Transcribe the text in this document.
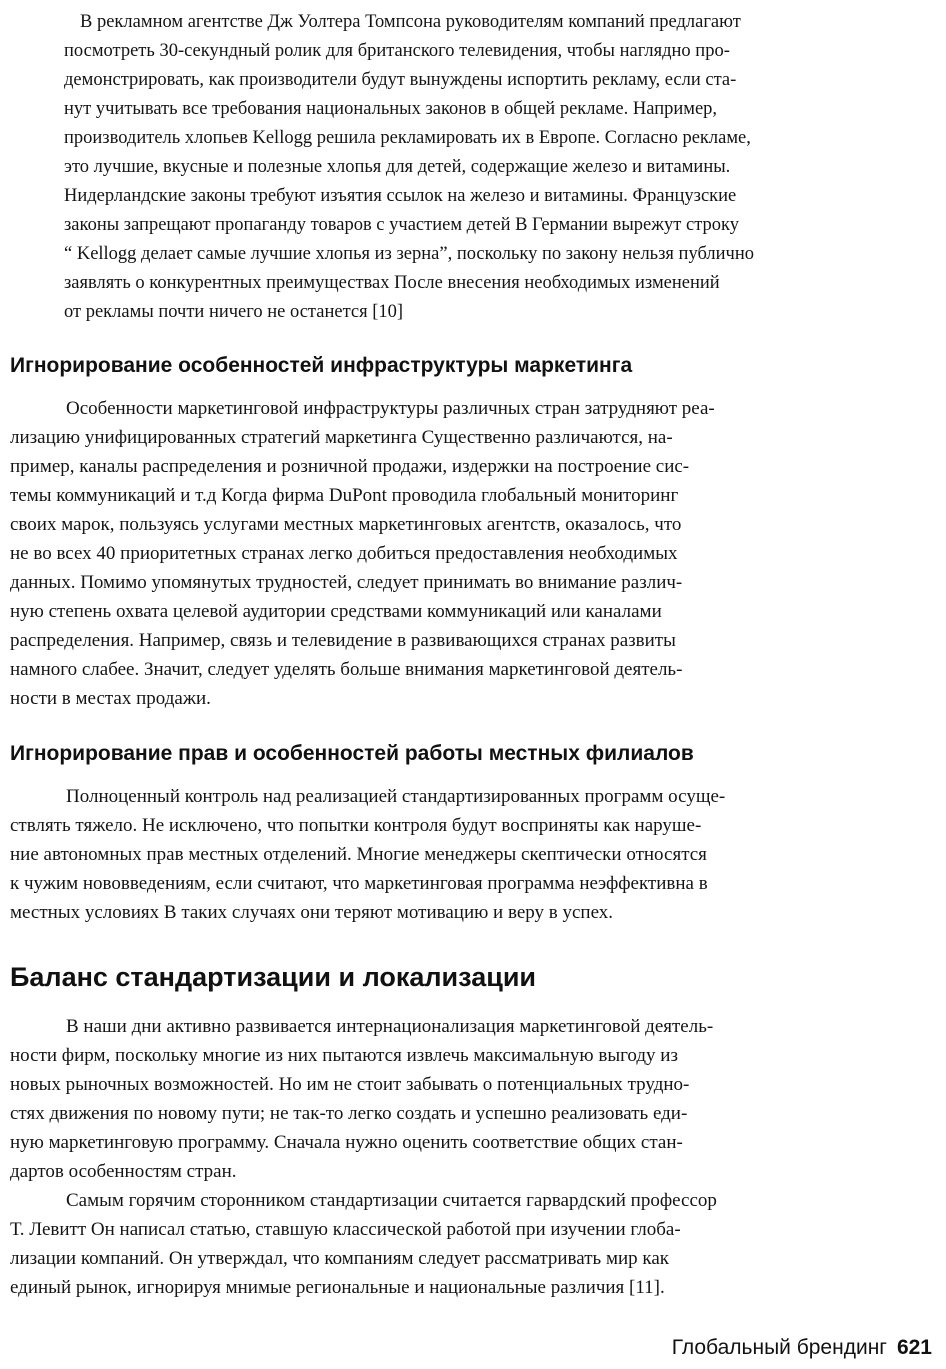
В рекламном агентстве Дж Уолтера Томпсона руководителям компаний предлагают
посмотреть 30-секундный ролик для британского телевидения, чтобы наглядно про-
демонстрировать, как производители будут вынуждены испортить рекламу, если ста-
нут учитывать все требования национальных законов в общей рекламе. Например,
производитель хлопьев Kellogg решила рекламировать их в Европе. Согласно рекламе,
это лучшие, вкусные и полезные хлопья для детей, содержащие железо и витамины.
Нидерландские законы требуют изъятия ссылок на железо и витамины. Французские
законы запрещают пропаганду товаров с участием детей В Германии вырежут строку
“ Kellogg делает самые лучшие хлопья из зерна”, поскольку по закону нельзя публично
заявлять о конкурентных преимуществах После внесения необходимых изменений
от рекламы почти ничего не останется [10]
Игнорирование особенностей инфраструктуры маркетинга
Особенности маркетинговой инфраструктуры различных стран затрудняют реа-
лизацию унифицированных стратегий маркетинга Существенно различаются, на-
пример, каналы распределения и розничной продажи, издержки на построение сис-
темы коммуникаций и т.д Когда фирма DuPont проводила глобальный мониторинг
своих марок, пользуясь услугами местных маркетинговых агентств, оказалось, что
не во всех 40 приоритетных странах легко добиться предоставления необходимых
данных. Помимо упомянутых трудностей, следует принимать во внимание различ-
ную степень охвата целевой аудитории средствами коммуникаций или каналами
распределения. Например, связь и телевидение в развивающихся странах развиты
намного слабее. Значит, следует уделять больше внимания маркетинговой деятель-
ности в местах продажи.
Игнорирование прав и особенностей работы местных филиалов
Полноценный контроль над реализацией стандартизированных программ осуще-
ствлять тяжело. Не исключено, что попытки контроля будут восприняты как наруше-
ние автономных прав местных отделений. Многие менеджеры скептически относятся
к чужим нововведениям, если считают, что маркетинговая программа неэффективна в
местных условиях В таких случаях они теряют мотивацию и веру в успех.
Баланс стандартизации и локализации
В наши дни активно развивается интернационализация маркетинговой деятель-
ности фирм, поскольку многие из них пытаются извлечь максимальную выгоду из
новых рыночных возможностей. Но им не стоит забывать о потенциальных трудно-
стях движения по новому пути; не так-то легко создать и успешно реализовать еди-
ную маркетинговую программу. Сначала нужно оценить соответствие общих стан-
дартов особенностям стран.
Самым горячим сторонником стандартизации считается гарвардский профессор
Т. Левитт Он написал статью, ставшую классической работой при изучении глоба-
лизации компаний. Он утверждал, что компаниям следует рассматривать мир как
единый рынок, игнорируя мнимые региональные и национальные различия [11].
Глобальный брендинг 621
